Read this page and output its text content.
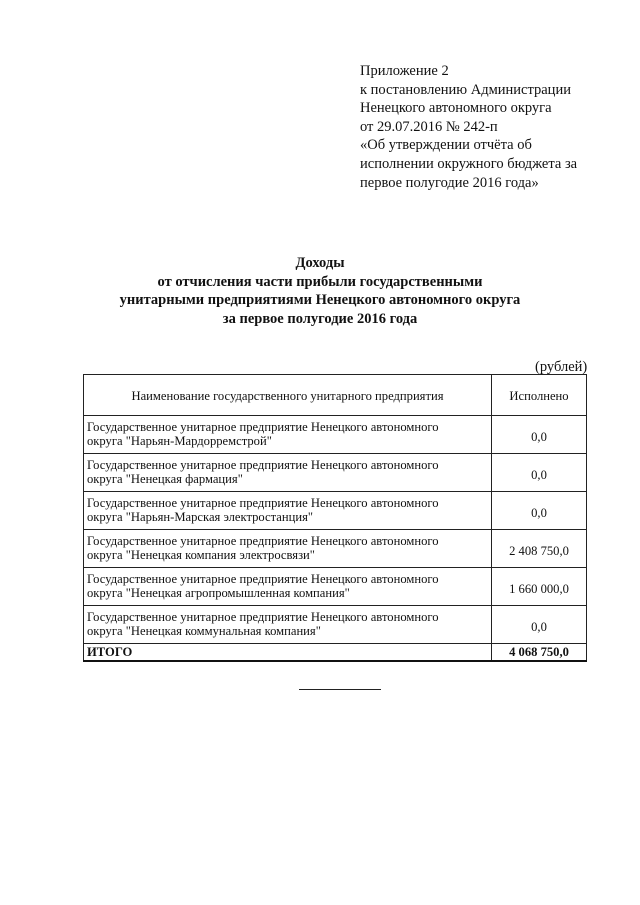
Приложение 2
к постановлению Администрации
Ненецкого автономного округа
от 29.07.2016 № 242-п
«Об утверждении отчёта об
исполнении окружного бюджета за
первое полугодие 2016 года»
Доходы
от отчисления части прибыли государственными
унитарными предприятиями Ненецкого автономного округа
за первое полугодие 2016 года
(рублей)
Наименование государственного унитарного предприятия	Исполнено

Государственное унитарное предприятие Ненецкого автономного
округа "Нарьян-Мардорремстрой"	0,0

Государственное унитарное предприятие Ненецкого автономного
округа "Ненецкая фармация"	0,0

Государственное унитарное предприятие Ненецкого автономного
округа "Нарьян-Марская электростанция"	0,0

Государственное унитарное предприятие Ненецкого автономного
округа "Ненецкая компания электросвязи"	2 408 750,0

Государственное унитарное предприятие Ненецкого автономного
округа "Ненецкая агропромышленная компания"	1 660 000,0

Государственное унитарное предприятие Ненецкого автономного
округа "Ненецкая коммунальная компания"	0,0
ИТОГО	4 068 750,0
